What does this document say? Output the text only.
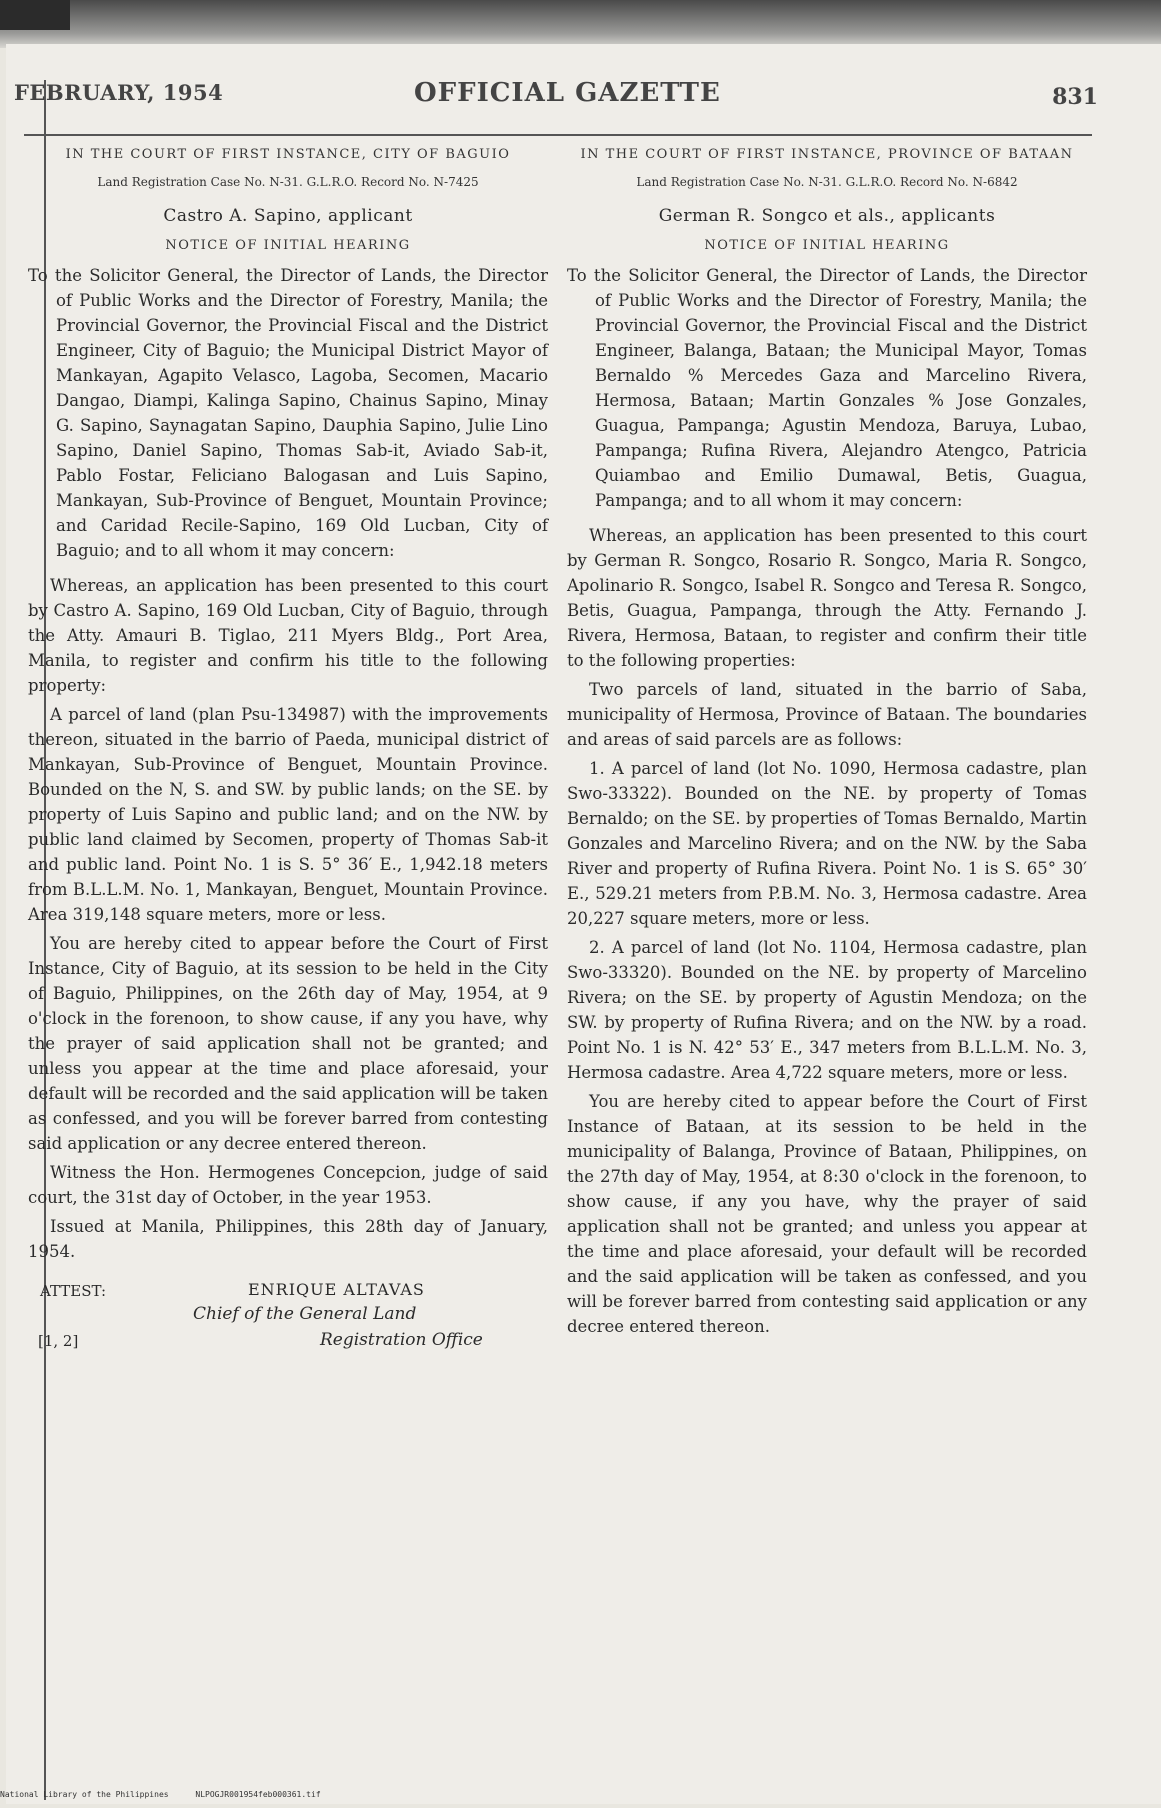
FEBRUARY, 1954	OFFICIAL GAZETTE	831
IN THE COURT OF FIRST INSTANCE, CITY OF BAGUIO
Land Registration Case No. N-31. G.L.R.O. Record No. N-7425
Castro A. Sapino, applicant
NOTICE OF INITIAL HEARING

To the Solicitor General, the Director of Lands, the Director of Public Works and the Director of Forestry, Manila; the Provincial Governor, the Provincial Fiscal and the District Engineer, City of Baguio; the Municipal District Mayor of Mankayan, Agapito Velasco, Lagoba, Secomen, Macario Dangao, Diampi, Kalinga Sapino, Chainus Sapino, Minay G. Sapino, Saynagatan Sapino, Dauphia Sapino, Julie Lino Sapino, Daniel Sapino, Thomas Sab-it, Aviado Sab-it, Pablo Fostar, Feliciano Balogasan and Luis Sapino, Mankayan, Sub-Province of Benguet, Mountain Province; and Caridad Recile-Sapino, 169 Old Lucban, City of Baguio; and to all whom it may concern:

Whereas, an application has been presented to this court by Castro A. Sapino, 169 Old Lucban, City of Baguio, through the Atty. Amauri B. Tiglao, 211 Myers Bldg., Port Area, Manila, to register and confirm his title to the following property:

A parcel of land (plan Psu-134987) with the improvements thereon, situated in the barrio of Paeda, municipal district of Mankayan, Sub-Province of Benguet, Mountain Province. Bounded on the N, S. and SW. by public lands; on the SE. by property of Luis Sapino and public land; and on the NW. by public land claimed by Secomen, property of Thomas Sab-it and public land. Point No. 1 is S. 5° 36′ E., 1,942.18 meters from B.L.L.M. No. 1, Mankayan, Benguet, Mountain Province. Area 319,148 square meters, more or less.

You are hereby cited to appear before the Court of First Instance, City of Baguio, at its session to be held in the City of Baguio, Philippines, on the 26th day of May, 1954, at 9 o'clock in the forenoon, to show cause, if any you have, why the prayer of said application shall not be granted; and unless you appear at the time and place aforesaid, your default will be recorded and the said application will be taken as confessed, and you will be forever barred from contesting said application or any decree entered thereon.

Witness the Hon. Hermogenes Concepcion, judge of said court, the 31st day of October, in the year 1953.

Issued at Manila, Philippines, this 28th day of January, 1954.

ATTEST:	ENRIQUE ALTAVAS
Chief of the General Land
Registration Office
[1, 2]
IN THE COURT OF FIRST INSTANCE, PROVINCE OF BATAAN
Land Registration Case No. N-31. G.L.R.O. Record No. N-6842
German R. Songco et als., applicants
NOTICE OF INITIAL HEARING

To the Solicitor General, the Director of Lands, the Director of Public Works and the Director of Forestry, Manila; the Provincial Governor, the Provincial Fiscal and the District Engineer, Balanga, Bataan; the Municipal Mayor, Tomas Bernaldo % Mercedes Gaza and Marcelino Rivera, Hermosa, Bataan; Martin Gonzales % Jose Gonzales, Guagua, Pampanga; Agustin Mendoza, Baruya, Lubao, Pampanga; Rufina Rivera, Alejandro Atengco, Patricia Quiambao and Emilio Dumawal, Betis, Guagua, Pampanga; and to all whom it may concern:

Whereas, an application has been presented to this court by German R. Songco, Rosario R. Songco, Maria R. Songco, Apolinario R. Songco, Isabel R. Songco and Teresa R. Songco, Betis, Guagua, Pampanga, through the Atty. Fernando J. Rivera, Hermosa, Bataan, to register and confirm their title to the following properties:

Two parcels of land, situated in the barrio of Saba, municipality of Hermosa, Province of Bataan. The boundaries and areas of said parcels are as follows:

1. A parcel of land (lot No. 1090, Hermosa cadastre, plan Swo-33322). Bounded on the NE. by property of Tomas Bernaldo; on the SE. by properties of Tomas Bernaldo, Martin Gonzales and Marcelino Rivera; and on the NW. by the Saba River and property of Rufina Rivera. Point No. 1 is S. 65° 30′ E., 529.21 meters from P.B.M. No. 3, Hermosa cadastre. Area 20,227 square meters, more or less.

2. A parcel of land (lot No. 1104, Hermosa cadastre, plan Swo-33320). Bounded on the NE. by property of Marcelino Rivera; on the SE. by property of Agustin Mendoza; on the SW. by property of Rufina Rivera; and on the NW. by a road. Point No. 1 is N. 42° 53′ E., 347 meters from B.L.L.M. No. 3, Hermosa cadastre. Area 4,722 square meters, more or less.

You are hereby cited to appear before the Court of First Instance of Bataan, at its session to be held in the municipality of Balanga, Province of Bataan, Philippines, on the 27th day of May, 1954, at 8:30 o'clock in the forenoon, to show cause, if any you have, why the prayer of said application shall not be granted; and unless you appear at the time and place aforesaid, your default will be recorded and the said application will be taken as confessed, and you will be forever barred from contesting said application or any decree entered thereon.

National Library of the Philippines	NLPOGJR001954feb000361.tif
